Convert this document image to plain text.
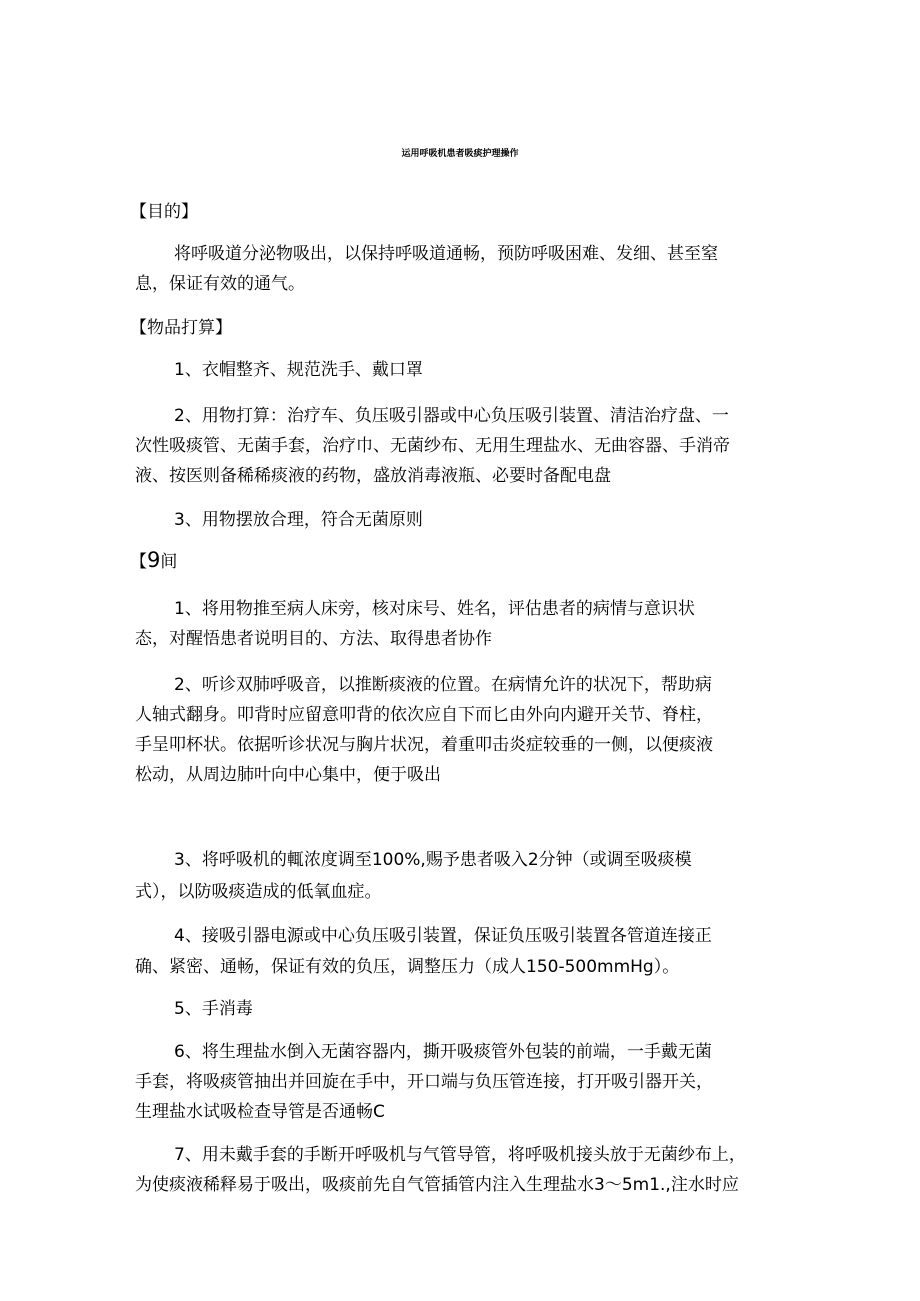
运用呼吸机患者吸痰护理操作
【目的】
将呼吸道分泌物吸出，以保持呼吸道通畅，预防呼吸困难、发细、甚至窒
息，保证有效的通气。
【物品打算】
1、衣帽整齐、规范洗手、戴口罩
2、用物打算：治疗车、负压吸引器或中心负压吸引装置、清洁治疗盘、一
次性吸痰管、无菌手套，治疗巾、无菌纱布、无用生理盐水、无曲容器、手消帝
液、按医则备稀稀痰液的药物，盛放消毒液瓶、必要时备配电盘
3、用物摆放合理，符合无菌原则
【9间
1、将用物推至病人床旁，核对床号、姓名，评估患者的病情与意识状
态，对醒悟患者说明目的、方法、取得患者协作
2、听诊双肺呼吸音，以推断痰液的位置。在病情允许的状况下，帮助病
人轴式翻身。叩背时应留意叩背的依次应自下而匕由外向内避开关节、脊柱，
手呈叩杯状。依据听诊状况与胸片状况，着重叩击炎症较垂的一侧，以便痰液
松动，从周边肺叶向中心集中，便于吸出
3、将呼吸机的輒浓度调至100%,赐予患者吸入2分钟（或调至吸痰模
式），以防吸痰造成的低氧血症。
4、接吸引器电源或中心负压吸引装置，保证负压吸引装置各管道连接正
确、紧密、通畅，保证有效的负压，调整压力（成人150-500mmHg）。
5、手消毒
6、将生理盐水倒入无菌容器内，撕开吸痰管外包装的前端，一手戴无菌
手套，将吸痰管抽出并回旋在手中，开口端与负压管连接，打开吸引器开关，
生理盐水试吸检查导管是否通畅C
7、用未戴手套的手断开呼吸机与气管导管，将呼吸机接头放于无菌纱布上，
为使痰液稀释易于吸出，吸痰前先自气管插管内注入生理盐水3～5m1.,注水时应
